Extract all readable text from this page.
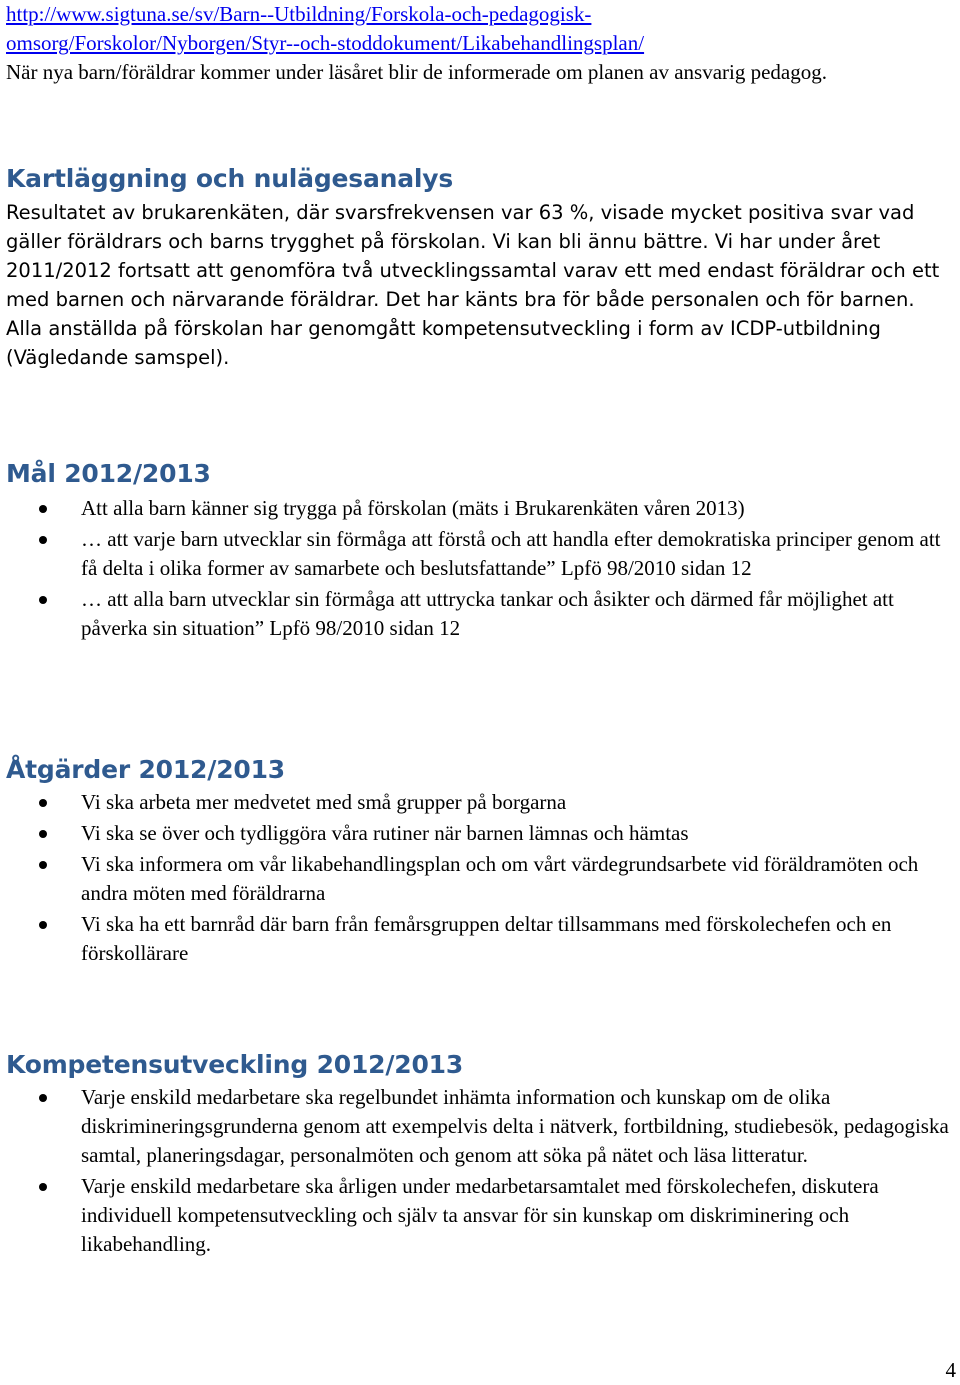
http://www.sigtuna.se/sv/Barn--Utbildning/Forskola-och-pedagogisk-
omsorg/Forskolor/Nyborgen/Styr--och-stoddokument/Likabehandlingsplan/

När nya barn/föräldrar kommer under läsåret blir de informerade om planen av ansvarig pedagog.

Kartläggning och nulägesanalys

Resultatet av brukarenkäten, där svarsfrekvensen var 63 %, visade mycket positiva svar vad gäller föräldrars och barns trygghet på förskolan. Vi kan bli ännu bättre. Vi har under året 2011/2012 fortsatt att genomföra två utvecklingssamtal varav ett med endast föräldrar och ett med barnen och närvarande föräldrar. Det har känts bra för både personalen och för barnen. Alla anställda på förskolan har genomgått kompetensutveckling i form av ICDP-utbildning (Vägledande samspel).

Mål 2012/2013
Att alla barn känner sig trygga på förskolan (mäts i Brukarenkäten våren 2013)
… att varje barn utvecklar sin förmåga att förstå och att handla efter demokratiska principer genom att få delta i olika former av samarbete och beslutsfattande” Lpfö 98/2010 sidan 12
… att alla barn utvecklar sin förmåga att uttrycka tankar och åsikter och därmed får möjlighet att påverka sin situation” Lpfö 98/2010 sidan 12
Åtgärder 2012/2013
Vi ska arbeta mer medvetet med små grupper på borgarna
Vi ska se över och tydliggöra våra rutiner när barnen lämnas och hämtas
Vi ska informera om vår likabehandlingsplan och om vårt värdegrundsarbete vid föräldramöten och andra möten med föräldrarna
Vi ska ha ett barnråd där barn från femårsgruppen deltar tillsammans med förskolechefen och en förskollärare
Kompetensutveckling 2012/2013
Varje enskild medarbetare ska regelbundet inhämta information och kunskap om de olika diskrimineringsgrunderna genom att exempelvis delta i nätverk, fortbildning, studiebesök, pedagogiska samtal, planeringsdagar, personalmöten och genom att söka på nätet och läsa litteratur.
Varje enskild medarbetare ska årligen under medarbetarsamtalet med förskolechefen, diskutera individuell kompetensutveckling och själv ta ansvar för sin kunskap om diskriminering och likabehandling.
4
